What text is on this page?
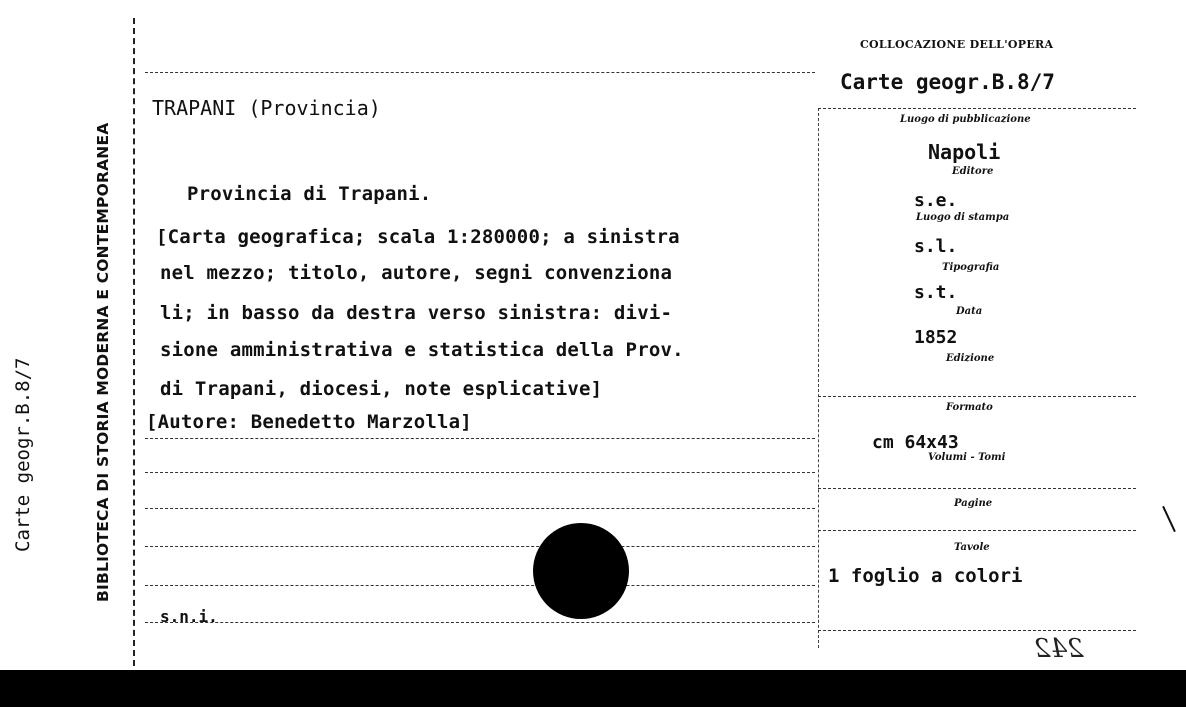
Carte geogr.B.8/7	BIBLIOTECA DI STORIA MODERNA E CONTEMPORANEA
TRAPANI (Provincia)
Provincia di Trapani.
[Carta geografica; scala 1:280000; a sinistra
nel mezzo; titolo, autore, segni convenziona
li; in basso da destra verso sinistra: divi-
sione amministrativa e statistica della Prov.
di Trapani, diocesi, note esplicative]
[Autore: Benedetto Marzolla]
s.n.i.
COLLOCAZIONE DELL'OPERA
Carte geogr.B.8/7
Luogo di pubblicazione
Napoli
Editore
s.e.
Luogo di stampa
s.l.
Tipografia
s.t.
Data
1852
Edizione
Formato
cm 64x43
Volumi - Tomi
Pagine
Tavole
1 foglio a colori
242
